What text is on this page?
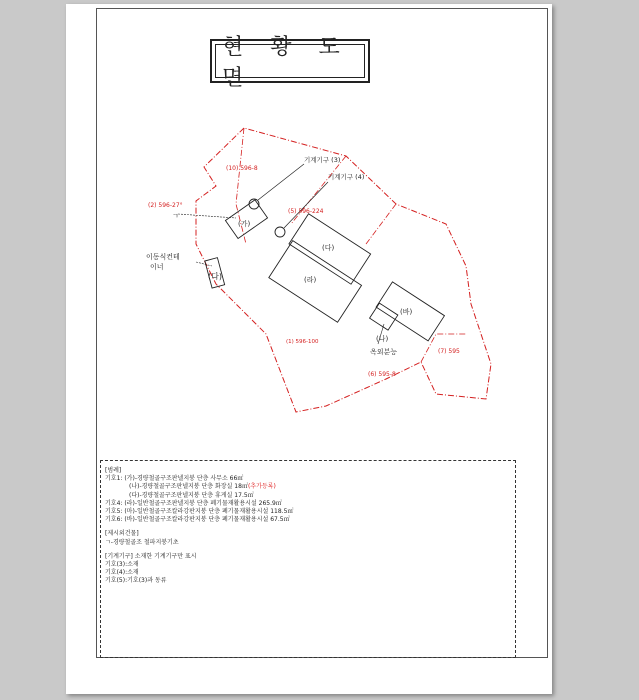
현 황 도 면
(10) 596-8
(2) 596-27°
(5) 596-224
(1) 596-100
(7) 595
(6) 595-8
기계기구 (3)
기계기구 (4)
ㄱ
이동식컨테
이너
옥외분능
(가)
(다)
(다)
(라)
(바)
(나)
[범례]
기호1: (가)-경량철골구조판넬지붕 단층 사무소 66㎡
(나)-경량철골구조판넬지붕 단층 화장실 18㎡(추가등록)
(다)-경량철골구조판넬지붕 단층 휴게실 17.5㎡
기호4: (라)-일반철골구조판넬지붕 단층 폐기물재활용시설 265.9㎡
기호5: (마)-일반철골구조칼라강판지붕 단층 폐기물재활용시설 118.5㎡
기호6: (바)-일반철골구조칼라강판지붕 단층 폐기물재활용시설 67.5㎡
[제시외건물]
ㄱ-경량철골조 철파지붕기초
[기계기구] 소재한 기계기구만 표시
기호(3):소재
기호(4):소재
기호(5):기호(3)과 동류
